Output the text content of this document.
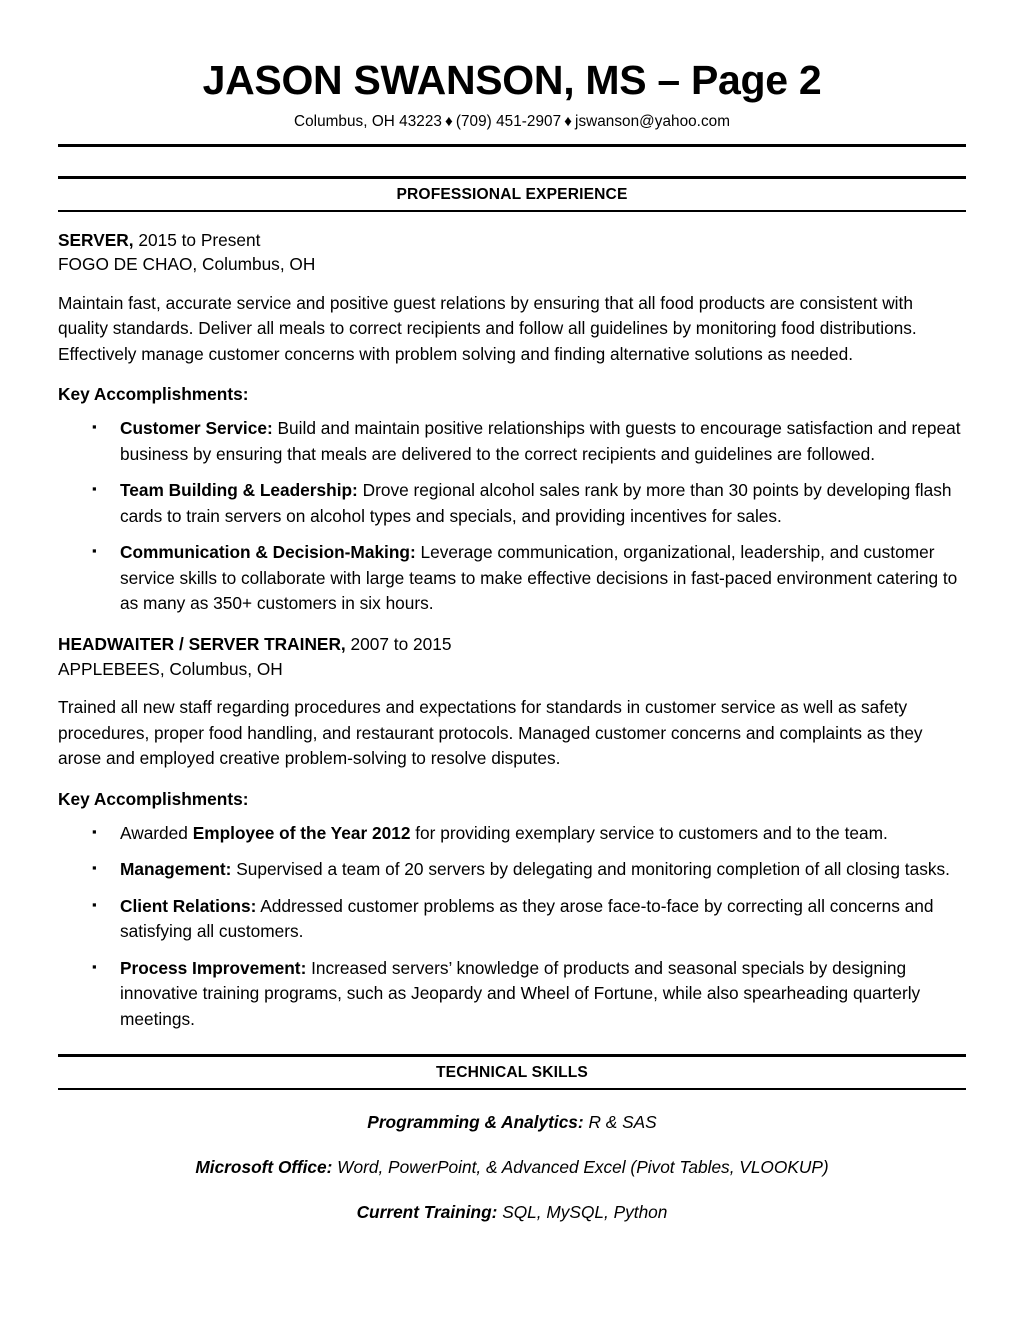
JASON SWANSON, MS – Page 2
Columbus, OH 43223 ♦ (709) 451-2907 ♦ jswanson@yahoo.com
PROFESSIONAL EXPERIENCE
SERVER, 2015 to Present
FOGO DE CHAO, Columbus, OH

Maintain fast, accurate service and positive guest relations by ensuring that all food products are consistent with quality standards. Deliver all meals to correct recipients and follow all guidelines by monitoring food distributions. Effectively manage customer concerns with problem solving and finding alternative solutions as needed.

Key Accomplishments:
▪ Customer Service: Build and maintain positive relationships with guests to encourage satisfaction and repeat business by ensuring that meals are delivered to the correct recipients and guidelines are followed.
▪ Team Building & Leadership: Drove regional alcohol sales rank by more than 30 points by developing flash cards to train servers on alcohol types and specials, and providing incentives for sales.
▪ Communication & Decision-Making: Leverage communication, organizational, leadership, and customer service skills to collaborate with large teams to make effective decisions in fast-paced environment catering to as many as 350+ customers in six hours.
HEADWAITER / SERVER TRAINER, 2007 to 2015
APPLEBEES, Columbus, OH

Trained all new staff regarding procedures and expectations for standards in customer service as well as safety procedures, proper food handling, and restaurant protocols. Managed customer concerns and complaints as they arose and employed creative problem-solving to resolve disputes.

Key Accomplishments:
▪ Awarded Employee of the Year 2012 for providing exemplary service to customers and to the team.
▪ Management: Supervised a team of 20 servers by delegating and monitoring completion of all closing tasks.
▪ Client Relations: Addressed customer problems as they arose face-to-face by correcting all concerns and satisfying all customers.
▪ Process Improvement: Increased servers’ knowledge of products and seasonal specials by designing innovative training programs, such as Jeopardy and Wheel of Fortune, while also spearheading quarterly meetings.
TECHNICAL SKILLS
Programming & Analytics: R & SAS
Microsoft Office: Word, PowerPoint, & Advanced Excel (Pivot Tables, VLOOKUP)
Current Training: SQL, MySQL, Python
